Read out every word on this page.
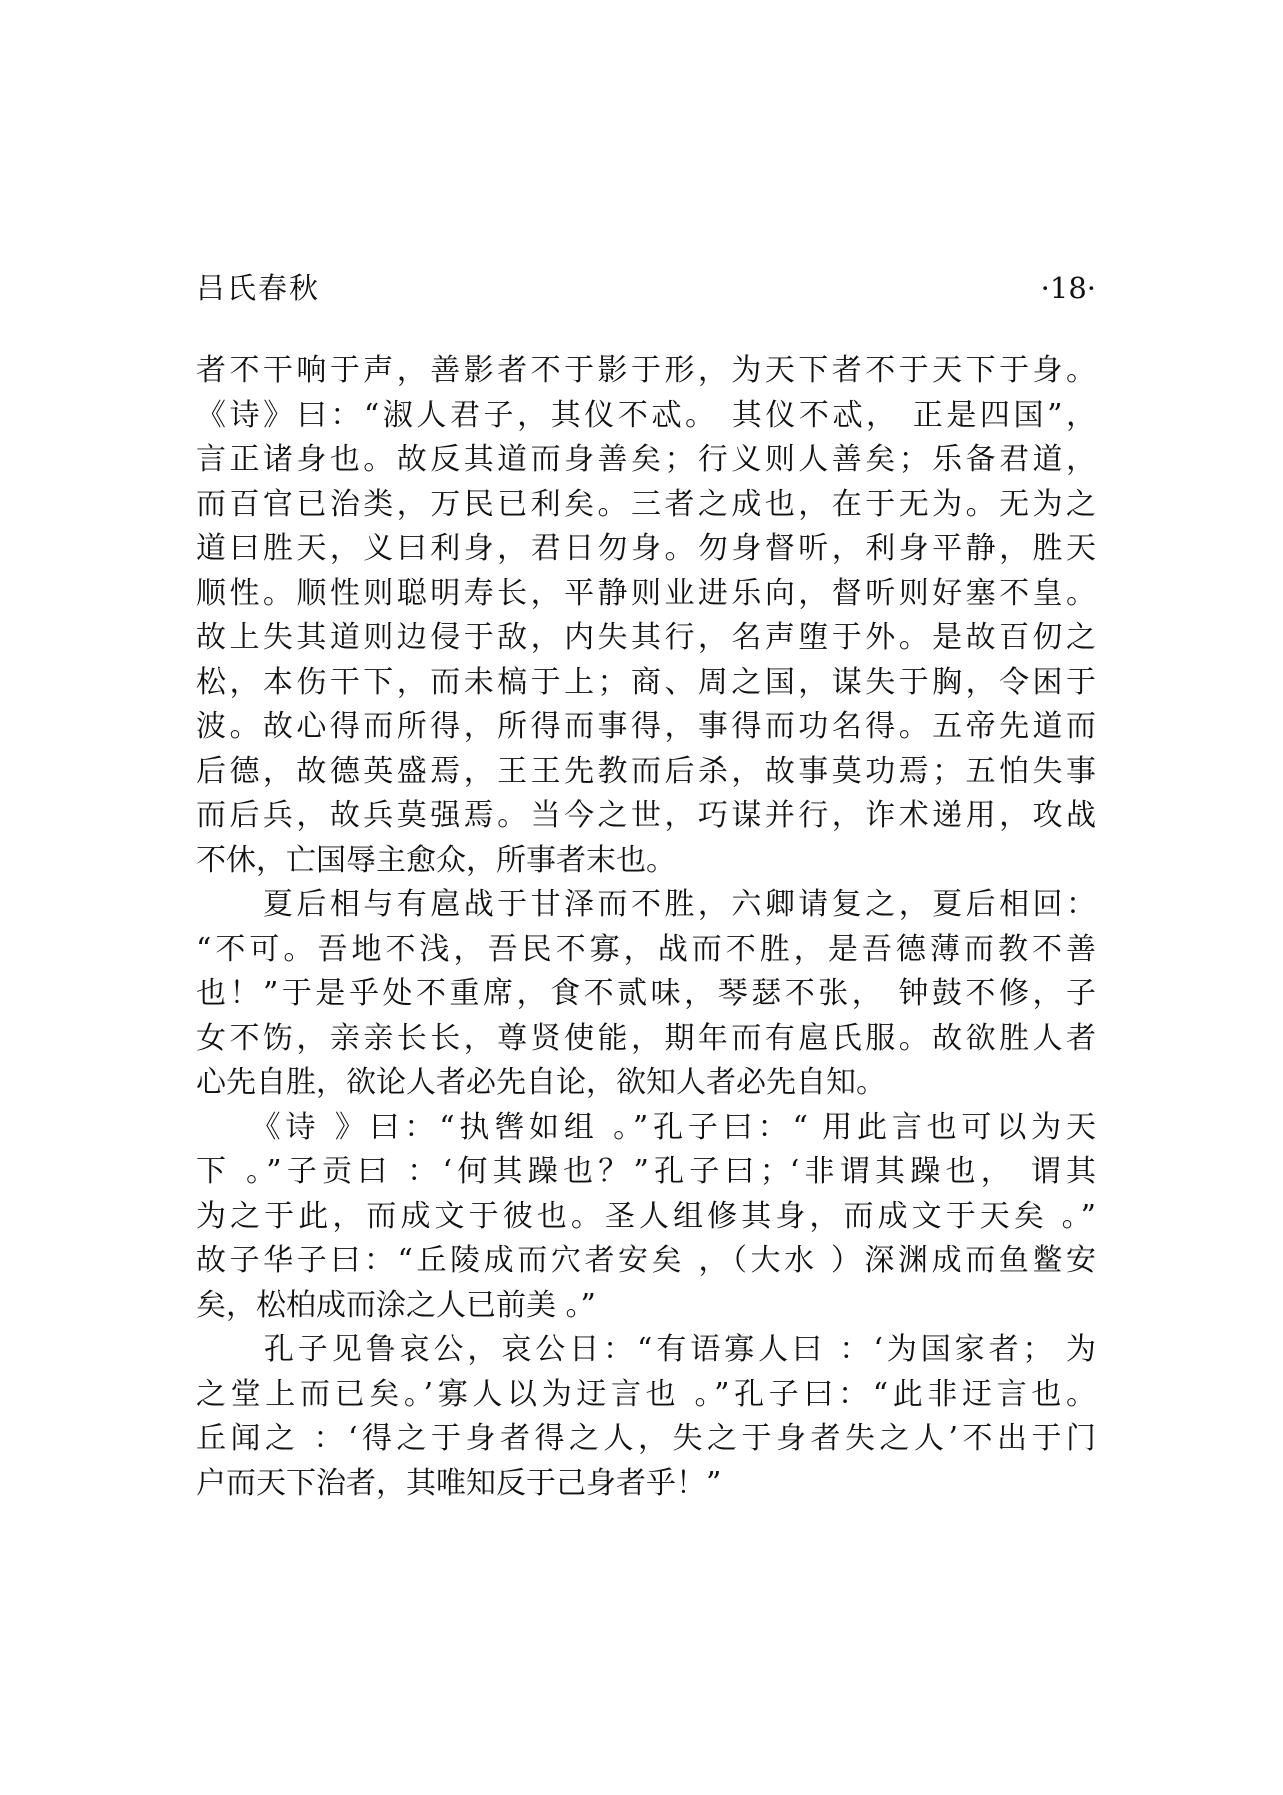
吕氏春秋	·18·
者不干响于声，善影者不于影于形，为天下者不于天下于身。
《诗》曰：“淑人君子，其仪不忒。 其仪不忒， 正是四国”，
言正诸身也。故反其道而身善矣；行义则人善矣；乐备君道，
而百官已治类，万民已利矣。三者之成也，在于无为。无为之
道曰胜天，义曰利身，君日勿身。勿身督听，利身平静，胜天
顺性。顺性则聪明寿长，平静则业进乐向，督听则好塞不皇。
故上失其道则边侵于敌，内失其行，名声堕于外。是故百仞之
松，本伤干下，而未槁于上；商、周之国，谋失于胸，令困于
波。故心得而所得，所得而事得，事得而功名得。五帝先道而
后德，故德英盛焉，王王先教而后杀，故事莫功焉；五怕失事
而后兵，故兵莫强焉。当今之世，巧谋并行，诈术递用，攻战
不休，亡国辱主愈众，所事者末也。
　　夏后相与有扈战于甘泽而不胜，六卿请复之，夏后相回：
“不可。吾地不浅，吾民不寡，战而不胜，是吾德薄而教不善
也！”于是乎处不重席，食不贰味，琴瑟不张， 钟鼓不修，子
女不饬，亲亲长长，尊贤使能，期年而有扈氏服。故欲胜人者
心先自胜，欲论人者必先自论，欲知人者必先自知。
　　《诗 》曰：“执辔如组 。”孔子曰：“ 用此言也可以为天
下 。”子贡曰 ：‘何其躁也？”孔子曰；‘非谓其躁也， 谓其
为之于此，而成文于彼也。圣人组修其身，而成文于天矣 。”
故子华子曰：“丘陵成而穴者安矣 ，（大水 ）深渊成而鱼鳖安
矣，松柏成而涂之人已前美 。”
　　孔子见鲁哀公，哀公日：“有语寡人曰 ：‘为国家者； 为
之堂上而已矣。’寡人以为迂言也 。”孔子曰：“此非迂言也。
丘闻之 ：‘得之于身者得之人，失之于身者失之人’不出于门
户而天下治者，其唯知反于己身者乎！”
